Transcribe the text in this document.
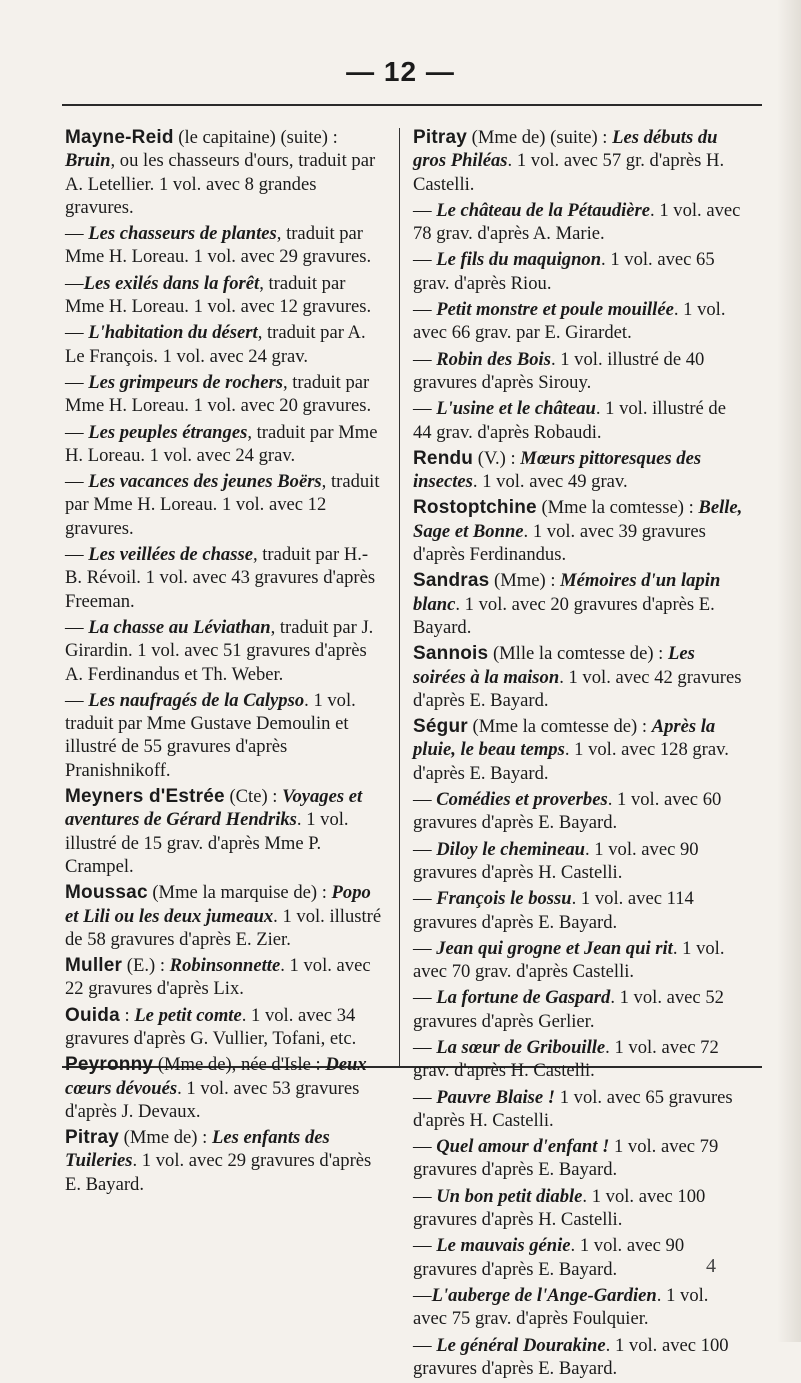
— 12 —

Mayne-Reid (le capitaine) (suite) : Bruin, ou les chasseurs d'ours, traduit par A. Letellier. 1 vol. avec 8 grandes gravures.

— Les chasseurs de plantes, traduit par Mme H. Loreau. 1 vol. avec 29 gravures.

—Les exilés dans la forêt, traduit par Mme H. Loreau. 1 vol. avec 12 gravures.

— L'habitation du désert, traduit par A. Le François. 1 vol. avec 24 grav.

— Les grimpeurs de rochers, traduit par Mme H. Loreau. 1 vol. avec 20 gravures.

— Les peuples étranges, traduit par Mme H. Loreau. 1 vol. avec 24 grav.

— Les vacances des jeunes Boërs, traduit par Mme H. Loreau. 1 vol. avec 12 gravures.

— Les veillées de chasse, traduit par H.-B. Révoil. 1 vol. avec 43 gravures d'après Freeman.

— La chasse au Léviathan, traduit par J. Girardin. 1 vol. avec 51 gravures d'après A. Ferdinandus et Th. Weber.

— Les naufragés de la Calypso. 1 vol. traduit par Mme Gustave Demoulin et illustré de 55 gravures d'après Pranishnikoff.

Meyners d'Estrée (Cte) : Voyages et aventures de Gérard Hendriks. 1 vol. illustré de 15 grav. d'après Mme P. Crampel.

Moussac (Mme la marquise de) : Popo et Lili ou les deux jumeaux. 1 vol. illustré de 58 gravures d'après E. Zier.

Muller (E.) : Robinsonnette. 1 vol. avec 22 gravures d'après Lix.

Ouida : Le petit comte. 1 vol. avec 34 gravures d'après G. Vullier, Tofani, etc.

Peyronny (Mme de), née d'Isle : Deux cœurs dévoués. 1 vol. avec 53 gravures d'après J. Devaux.

Pitray (Mme de) : Les enfants des Tuileries. 1 vol. avec 29 gravures d'après E. Bayard.

Pitray (Mme de) (suite) : Les débuts du gros Philéas. 1 vol. avec 57 gr. d'après H. Castelli.

— Le château de la Pétaudière. 1 vol. avec 78 grav. d'après A. Marie.

— Le fils du maquignon. 1 vol. avec 65 grav. d'après Riou.

— Petit monstre et poule mouillée. 1 vol. avec 66 grav. par E. Girardet.

— Robin des Bois. 1 vol. illustré de 40 gravures d'après Sirouy.

— L'usine et le château. 1 vol. illustré de 44 grav. d'après Robaudi.

Rendu (V.) : Mœurs pittoresques des insectes. 1 vol. avec 49 grav.

Rostoptchine (Mme la comtesse) : Belle, Sage et Bonne. 1 vol. avec 39 gravures d'après Ferdinandus.

Sandras (Mme) : Mémoires d'un lapin blanc. 1 vol. avec 20 gravures d'après E. Bayard.

Sannois (Mlle la comtesse de) : Les soirées à la maison. 1 vol. avec 42 gravures d'après E. Bayard.

Ségur (Mme la comtesse de) : Après la pluie, le beau temps. 1 vol. avec 128 grav. d'après E. Bayard.

— Comédies et proverbes. 1 vol. avec 60 gravures d'après E. Bayard.

— Diloy le chemineau. 1 vol. avec 90 gravures d'après H. Castelli.

— François le bossu. 1 vol. avec 114 gravures d'après E. Bayard.

— Jean qui grogne et Jean qui rit. 1 vol. avec 70 grav. d'après Castelli.

— La fortune de Gaspard. 1 vol. avec 52 gravures d'après Gerlier.

— La sœur de Gribouille. 1 vol. avec 72 grav. d'après H. Castelli.

— Pauvre Blaise ! 1 vol. avec 65 gravures d'après H. Castelli.

— Quel amour d'enfant ! 1 vol. avec 79 gravures d'après E. Bayard.

— Un bon petit diable. 1 vol. avec 100 gravures d'après H. Castelli.

— Le mauvais génie. 1 vol. avec 90 gravures d'après E. Bayard.

—L'auberge de l'Ange-Gardien. 1 vol. avec 75 grav. d'après Foulquier.

— Le général Dourakine. 1 vol. avec 100 gravures d'après E. Bayard.

4
